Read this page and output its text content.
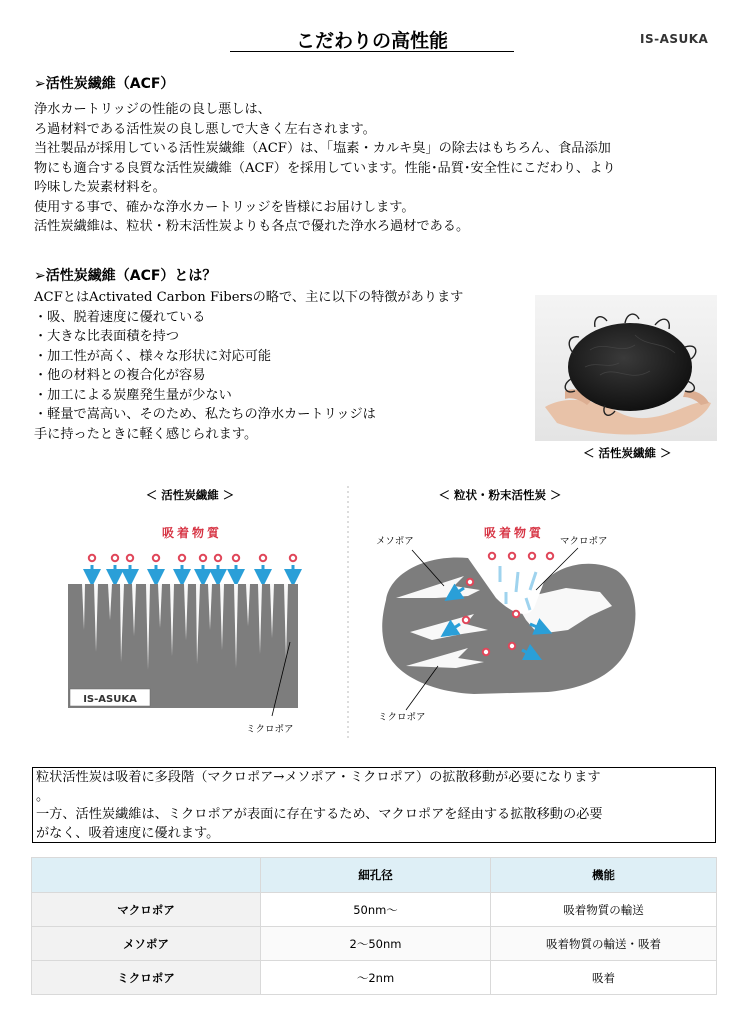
こだわりの高性能	IS-ASUKA
➢活性炭繊維（ACF）
浄水カートリッジの性能の良し悪しは、
ろ過材料である活性炭の良し悪しで大きく左右されます。
当社製品が採用している活性炭繊維（ACF）は、「塩素・カルキ臭」の除去はもちろん、食品添加
物にも適合する良質な活性炭繊維（ACF）を採用しています。性能･品質･安全性にこだわり、より
吟味した炭素材料を。
使用する事で、確かな浄水カートリッジを皆様にお届けします。
活性炭繊維は、粒状・粉末活性炭よりも各点で優れた浄水ろ過材である。
➢活性炭繊維（ACF）とは？
ACFとはActivated Carbon Fibersの略で、主に以下の特徴があります
・吸、脱着速度に優れている
・大きな比表面積を持つ
・加工性が高く、様々な形状に対応可能
・他の材料との複合化が容易
・加工による炭塵発生量が少ない
・軽量で嵩高い、そのため、私たちの浄水カートリッジは
手に持ったときに軽く感じられます。
＜ 活性炭繊維 ＞
＜ 活性炭繊維 ＞
吸着物質
IS-ASUKA
ミクロポア
＜ 粒状・粉末活性炭 ＞
吸着物質
メソポア	マクロポア
ミクロポア
粒状活性炭は吸着に多段階（マクロポア→メソポア・ミクロポア）の拡散移動が必要になります
。
一方、活性炭繊維は、ミクロポアが表面に存在するため、マクロポアを経由する拡散移動の必要
がなく、吸着速度に優れます。
	細孔径	機能
マクロポア	50nm～	吸着物質の輸送
メソポア	2～50nm	吸着物質の輸送・吸着
ミクロポア	～2nm	吸着
